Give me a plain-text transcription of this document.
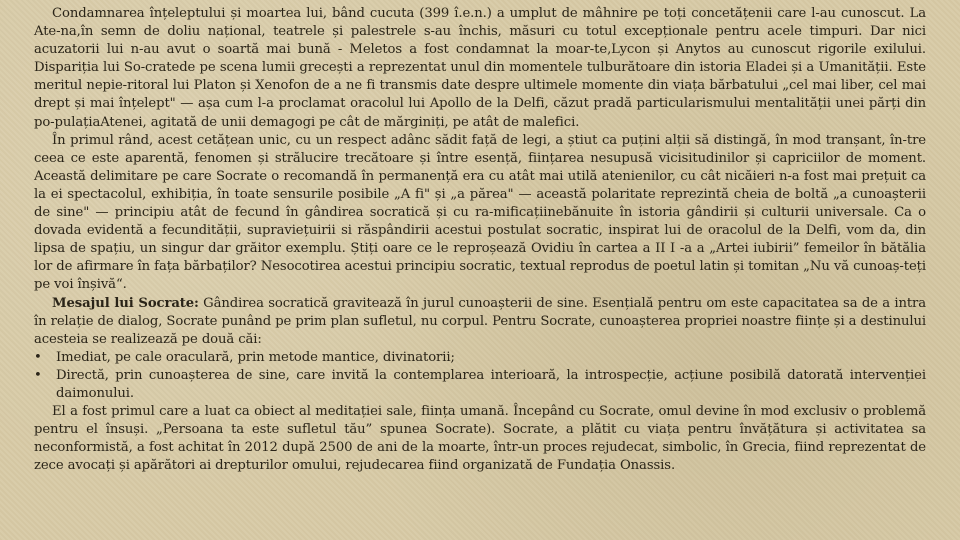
Condamnarea înțeleptului și moartea lui, bând cucuta (399 î.e.n.) a umplut de mâhnire pe toți concetățenii care l-au cunoscut. La Ate-na,în semn de doliu național, teatrele și palestrele s-au închis, măsuri cu totul excepționale pentru acele timpuri. Dar nici acuzatorii lui n-au avut o soartă mai bună - Meletos a fost condamnat la moar-te,Lycon și Anytos au cunoscut rigorile exilului. Dispariția lui So-cratede pe scena lumii grecești a reprezentat unul din momentele tulburătoare din istoria Eladei și a Umanității. Este meritul nepie-ritoral lui Platon și Xenofon de a ne fi transmis date despre ultimele momente din viața bărbatului „cel mai liber, cel mai drept și mai înțelept" — așa cum l-a proclamat oracolul lui Apollo de la Delfi, căzut pradă particularismului mentalității unei părți din po-pulațiaAtenei, agitată de unii demagogi pe cât de mărginiți, pe atât de malefici.

În primul rând, acest cetățean unic, cu un respect adânc sădit față de legi, a știut ca puțini alții să distingă, în mod tranșant, în-tre ceea ce este aparentă, fenomen și strălucire trecătoare și între esență, ființarea nesupusă vicisitudinilor și capriciilor de moment. Această delimitare pe care Socrate o recomandă în permanență era cu atât mai utilă atenienilor, cu cât nicăieri n-a fost mai prețuit ca la ei spectacolul, exhibiția, în toate sensurile posibile „A fi" și „a părea" — această polaritate reprezintă cheia de boltă „a cunoașterii de sine" — principiu atât de fecund în gândirea socratică și cu ra-mificațiinebănuite în istoria gândirii și culturii universale. Ca o dovada evidentă a fecundității, supraviețuirii si răspândirii acestui postulat socratic, inspirat lui de oracolul de la Delfi, vom da, din lipsa de spațiu, un singur dar grăitor exemplu. Știți oare ce le reproșează Ovidiu în cartea a II I -a a „Artei iubirii” femeilor în bătălia lor de afirmare în fața bărbaților? Nesocotirea acestui principiu socratic, textual reprodus de poetul latin și tomitan „Nu vă cunoaș-teți pe voi înșivă“.

Mesajul lui Socrate: Gândirea socratică gravitează în jurul cunoașterii de sine. Esențială pentru om este capacitatea sa de a intra în relație de dialog, Socrate punând pe prim plan sufletul, nu corpul. Pentru Socrate, cunoașterea propriei noastre ființe și a destinului acesteia se realizează pe două căi:

• Imediat, pe cale oraculară, prin metode mantice, divinatorii;
• Directă, prin cunoașterea de sine, care invită la contemplarea interioară, la introspecție, acțiune posibilă datorată intervenției daimonului.

El a fost primul care a luat ca obiect al meditației sale, ființa umană. Începând cu Socrate, omul devine în mod exclusiv o problemă pentru el însuși. „Persoana ta este sufletul tău” spunea Socrate). Socrate, a plătit cu viața pentru învățătura și activitatea sa neconformistă, a fost achitat în 2012 după 2500 de ani de la moarte, într-un proces rejudecat, simbolic, în Grecia, fiind reprezentat de zece avocați și apărători ai drepturilor omului, rejudecarea fiind organizată de Fundația Onassis.
